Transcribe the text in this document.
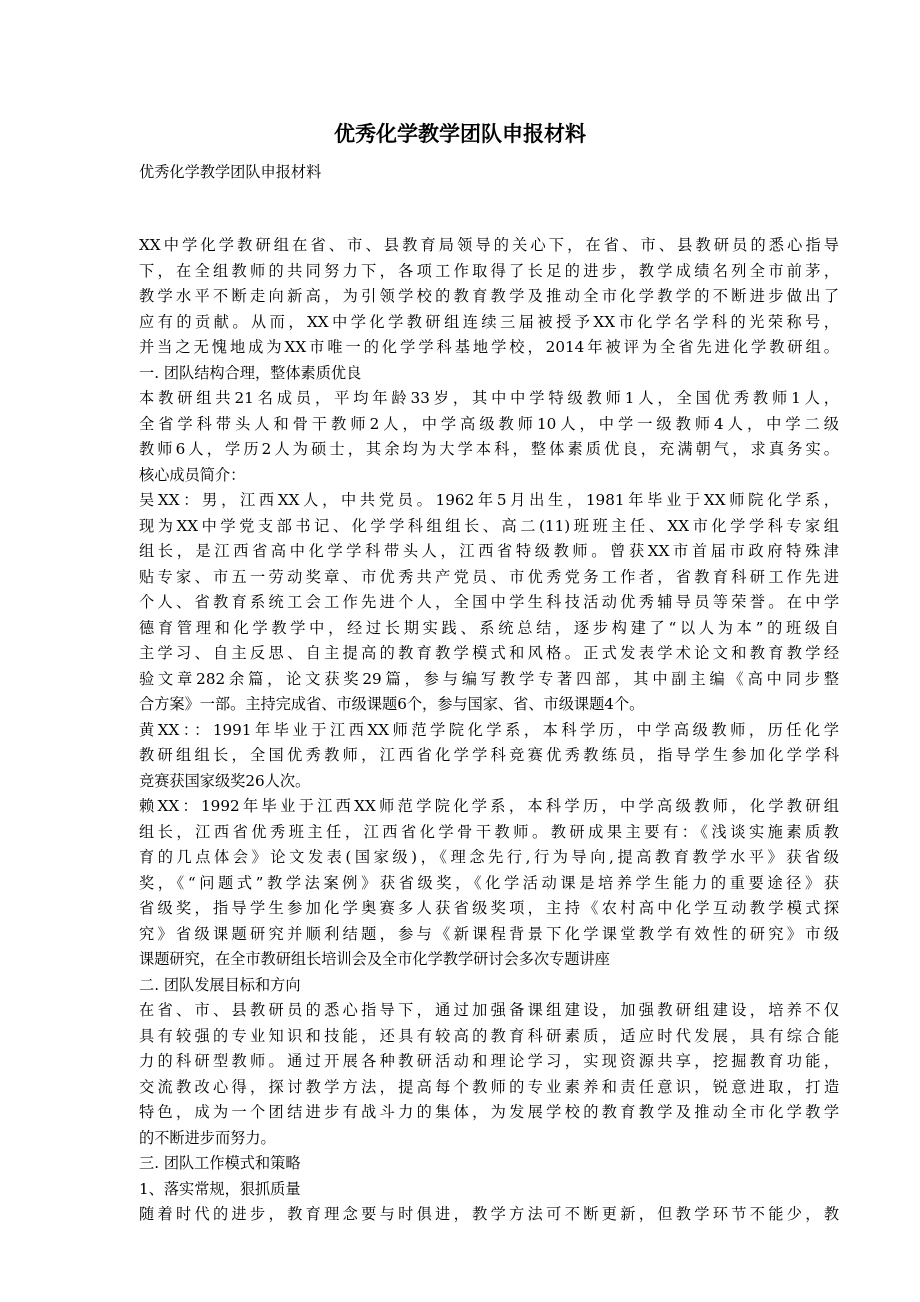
优秀化学教学团队申报材料
优秀化学教学团队申报材料
XX中学化学教研组在省、市、县教育局领导的关心下，在省、市、县教研员的悉心指导
下，在全组教师的共同努力下，各项工作取得了长足的进步，教学成绩名列全市前茅，
教学水平不断走向新高，为引领学校的教育教学及推动全市化学教学的不断进步做出了
应有的贡献。从而，XX中学化学教研组连续三届被授予XX市化学名学科的光荣称号，
并当之无愧地成为XX市唯一的化学学科基地学校，2014年被评为全省先进化学教研组。
一. 团队结构合理，整体素质优良
本教研组共21名成员，平均年龄33岁，其中中学特级教师1人，全国优秀教师1人，
全省学科带头人和骨干教师2人，中学高级教师10人，中学一级教师4人，中学二级
教师6人，学历2人为硕士，其余均为大学本科，整体素质优良，充满朝气，求真务实。
核心成员简介：
吴XX：男，江西XX人，中共党员。1962年5月出生，1981年毕业于XX师院化学系，
现为XX中学党支部书记、化学学科组组长、高二(11)班班主任、XX市化学学科专家组
组长，是江西省高中化学学科带头人，江西省特级教师。曾获XX市首届市政府特殊津
贴专家、市五一劳动奖章、市优秀共产党员、市优秀党务工作者，省教育科研工作先进
个人、省教育系统工会工作先进个人，全国中学生科技活动优秀辅导员等荣誉。在中学
德育管理和化学教学中，经过长期实践、系统总结，逐步构建了“以人为本”的班级自
主学习、自主反思、自主提高的教育教学模式和风格。正式发表学术论文和教育教学经
验文章282余篇，论文获奖29篇，参与编写教学专著四部，其中副主编《高中同步整
合方案》一部。主持完成省、市级课题6个，参与国家、省、市级课题4个。
黄XX：：1991年毕业于江西XX师范学院化学系，本科学历，中学高级教师，历任化学
教研组组长，全国优秀教师，江西省化学学科竞赛优秀教练员，指导学生参加化学学科
竞赛获国家级奖26人次。
赖XX：1992年毕业于江西XX师范学院化学系，本科学历，中学高级教师，化学教研组
组长，江西省优秀班主任，江西省化学骨干教师。教研成果主要有：《浅谈实施素质教
育的几点体会》论文发表(国家级)，《理念先行,行为导向,提高教育教学水平》获省级
奖，《“问题式”教学法案例》获省级奖，《化学活动课是培养学生能力的重要途径》获
省级奖，指导学生参加化学奥赛多人获省级奖项，主持《农村高中化学互动教学模式探
究》省级课题研究并顺利结题，参与《新课程背景下化学课堂教学有效性的研究》市级
课题研究，在全市教研组长培训会及全市化学教学研讨会多次专题讲座
二. 团队发展目标和方向
在省、市、县教研员的悉心指导下，通过加强备课组建设，加强教研组建设，培养不仅
具有较强的专业知识和技能，还具有较高的教育科研素质，适应时代发展，具有综合能
力的科研型教师。通过开展各种教研活动和理论学习，实现资源共享，挖掘教育功能，
交流教改心得，探讨教学方法，提高每个教师的专业素养和责任意识，锐意进取，打造
特色，成为一个团结进步有战斗力的集体，为发展学校的教育教学及推动全市化学教学
的不断进步而努力。
三. 团队工作模式和策略
1、落实常规，狠抓质量
随着时代的进步，教育理念要与时俱进，教学方法可不断更新，但教学环节不能少，教
